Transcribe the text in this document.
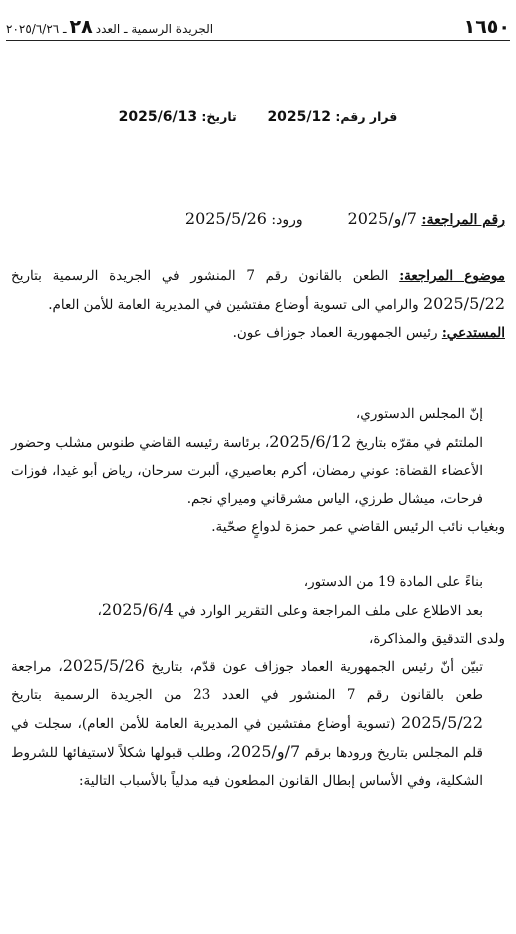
١٦٥٠
الجريدة الرسمية ـ العدد٢٨ـ ٢٠٢٥/٦/٢٦
قرار رقم: 2025/12  تاريخ: 2025/6/13
رقم المراجعة: 7/و/2025  ورود: 2025/5/26

موضوع المراجعة: الطعن بالقانون رقم 7 المنشور في الجريدة الرسمية بتاريخ 2025/5/22 والرامي الى تسوية أوضاع مفتشين في المديرية العامة للأمن العام.

المستدعي: رئيس الجمهورية العماد جوزاف عون.

إنّ المجلس الدستوري،

الملتئم في مقرّه بتاريخ 2025/6/12، برئاسة رئيسه القاضي طنوس مشلب وحضور الأعضاء القضاة: عوني رمضان، أكرم بعاصيري، ألبرت سرحان، رياض أبو غيدا، فوزات فرحات، ميشال طرزي، الياس مشرقاني وميراي نجم.

وبغياب نائب الرئيس القاضي عمر حمزة لدواعٍ صحّية.

بناءً على المادة 19 من الدستور،

بعد الاطلاع على ملف المراجعة وعلى التقرير الوارد في 2025/6/4،

ولدى التدقيق والمذاكرة،

تبيّن أنّ رئيس الجمهورية العماد جوزاف عون قدّم، بتاريخ 2025/5/26، مراجعة طعن بالقانون رقم 7 المنشور في العدد 23 من الجريدة الرسمية بتاريخ 2025/5/22 (تسوية أوضاع مفتشين في المديرية العامة للأمن العام)، سجلت في قلم المجلس بتاريخ ورودها برقم 7/و/2025، وطلب قبولها شكلاً لاستيفائها للشروط الشكلية، وفي الأساس إبطال القانون المطعون فيه مدلياً بالأسباب التالية:
